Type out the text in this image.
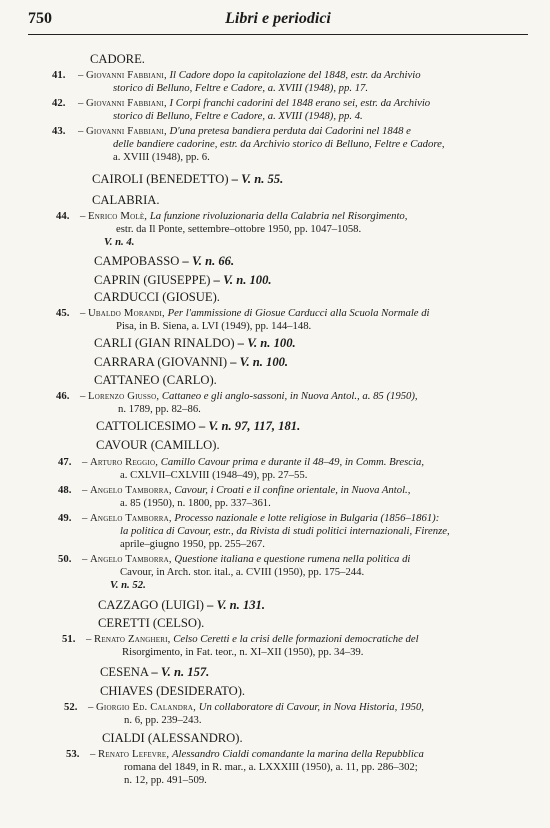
750	Libri e periodici
CADORE.
41. – Giovanni Fabbiani, Il Cadore dopo la capitolazione del 1848, estr. da Archivio
storico di Belluno, Feltre e Cadore, a. XVIII (1948), pp. 17.
42. – Giovanni Fabbiani, I Corpi franchi cadorini del 1848 erano sei, estr. da Archivio
storico di Belluno, Feltre e Cadore, a. XVIII (1948), pp. 4.
43. – Giovanni Fabbiani, D'una pretesa bandiera perduta dai Cadorini nel 1848 e
delle bandiere cadorine, estr. da Archivio storico di Belluno, Feltre e Cadore,
a. XVIII (1948), pp. 6.
CAIROLI (BENEDETTO) – V. n. 55.
CALABRIA.
44. – Enrico Molè, La funzione rivoluzionaria della Calabria nel Risorgimento,
estr. da Il Ponte, settembre–ottobre 1950, pp. 1047–1058.
V. n. 4.
CAMPOBASSO – V. n. 66.
CAPRIN (GIUSEPPE) – V. n. 100.
CARDUCCI (GIOSUE).
45. – Ubaldo Morandi, Per l'ammissione di Giosue Carducci alla Scuola Normale di
Pisa, in B. Siena, a. LVI (1949), pp. 144–148.
CARLI (GIAN RINALDO) – V. n. 100.
CARRARA (GIOVANNI) – V. n. 100.
CATTANEO (CARLO).
46. – Lorenzo Giusso, Cattaneo e gli anglo-sassoni, in Nuova Antol., a. 85 (1950),
n. 1789, pp. 82–86.
CATTOLICESIMO – V. n. 97, 117, 181.
CAVOUR (CAMILLO).
47. – Arturo Reggio, Camillo Cavour prima e durante il 48–49, in Comm. Brescia,
a. CXLVII–CXLVIII (1948–49), pp. 27–55.
48. – Angelo Tamborra, Cavour, i Croati e il confine orientale, in Nuova Antol.,
a. 85 (1950), n. 1800, pp. 337–361.
49. – Angelo Tamborra, Processo nazionale e lotte religiose in Bulgaria (1856–1861):
la politica di Cavour, estr., da Rivista di studi politici internazionali, Firenze,
aprile–giugno 1950, pp. 255–267.
50. – Angelo Tamborra, Questione italiana e questione rumena nella politica di
Cavour, in Arch. stor. ital., a. CVIII (1950), pp. 175–244.
V. n. 52.
CAZZAGO (LUIGI) – V. n. 131.
CERETTI (CELSO).
51. – Renato Zangheri, Celso Ceretti e la crisi delle formazioni democratiche del
Risorgimento, in Fat. teor., n. XI–XII (1950), pp. 34–39.
CESENA – V. n. 157.
CHIAVES (DESIDERATO).
52. – Giorgio Ed. Calandra, Un collaboratore di Cavour, in Nova Historia, 1950,
n. 6, pp. 239–243.
CIALDI (ALESSANDRO).
53. – Renato Lefevre, Alessandro Cialdi comandante la marina della Repubblica
romana del 1849, in R. mar., a. LXXXIII (1950), a. 11, pp. 286–302;
n. 12, pp. 491–509.
